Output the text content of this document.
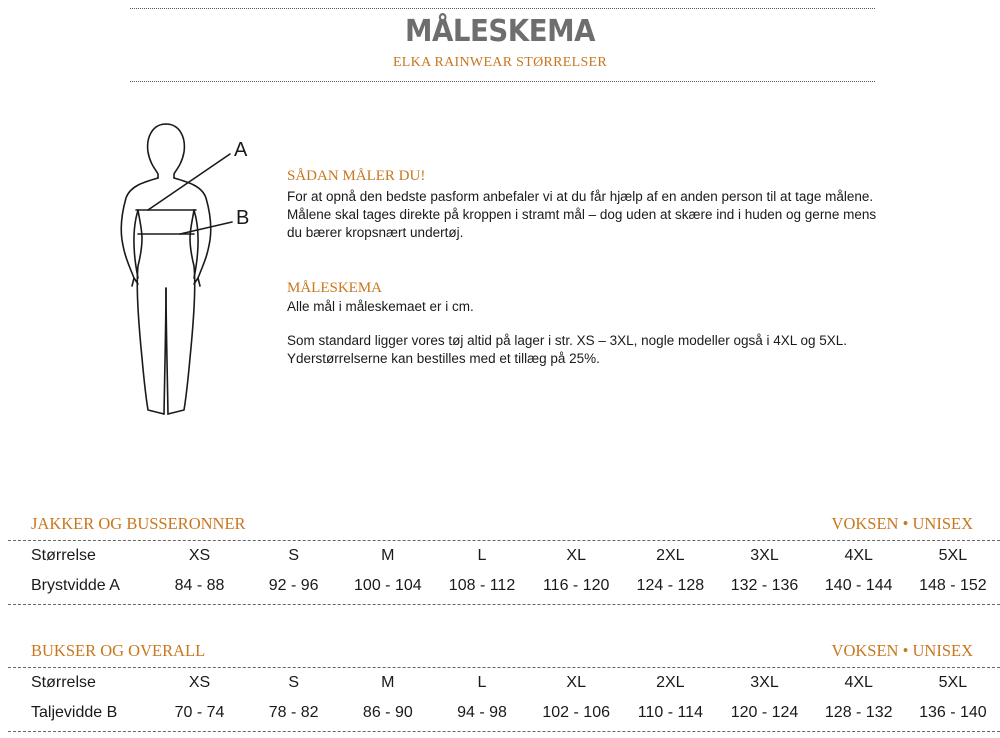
MÅLESKEMA
ELKA RAINWEAR STØRRELSER
A
B
SÅDAN MÅLER DU!

For at opnå den bedste pasform anbefaler vi at du får hjælp af en anden person til at tage målene.

Målene skal tages direkte på kroppen i stramt mål – dog uden at skære ind i huden og gerne mens

du bærer kropsnært undertøj.

MÅLESKEMA

Alle mål i måleskemaet er i cm.

Som standard ligger vores tøj altid på lager i str. XS – 3XL, nogle modeller også i 4XL og 5XL.

Yderstørrelserne kan bestilles med et tillæg på 25%.

JAKKER OG BUSSERONNER	VOKSEN • UNISEX
Størrelse	XS	S	M	L	XL	2XL	3XL	4XL	5XL
Brystvidde A	84 - 88	92 - 96	100 - 104	108 - 112	116 - 120	124 - 128	132 - 136	140 - 144	148 - 152
BUKSER OG OVERALL	VOKSEN • UNISEX
Størrelse	XS	S	M	L	XL	2XL	3XL	4XL	5XL
Taljevidde B	70 - 74	78 - 82	86 - 90	94 - 98	102 - 106	110 - 114	120 - 124	128 - 132	136 - 140
